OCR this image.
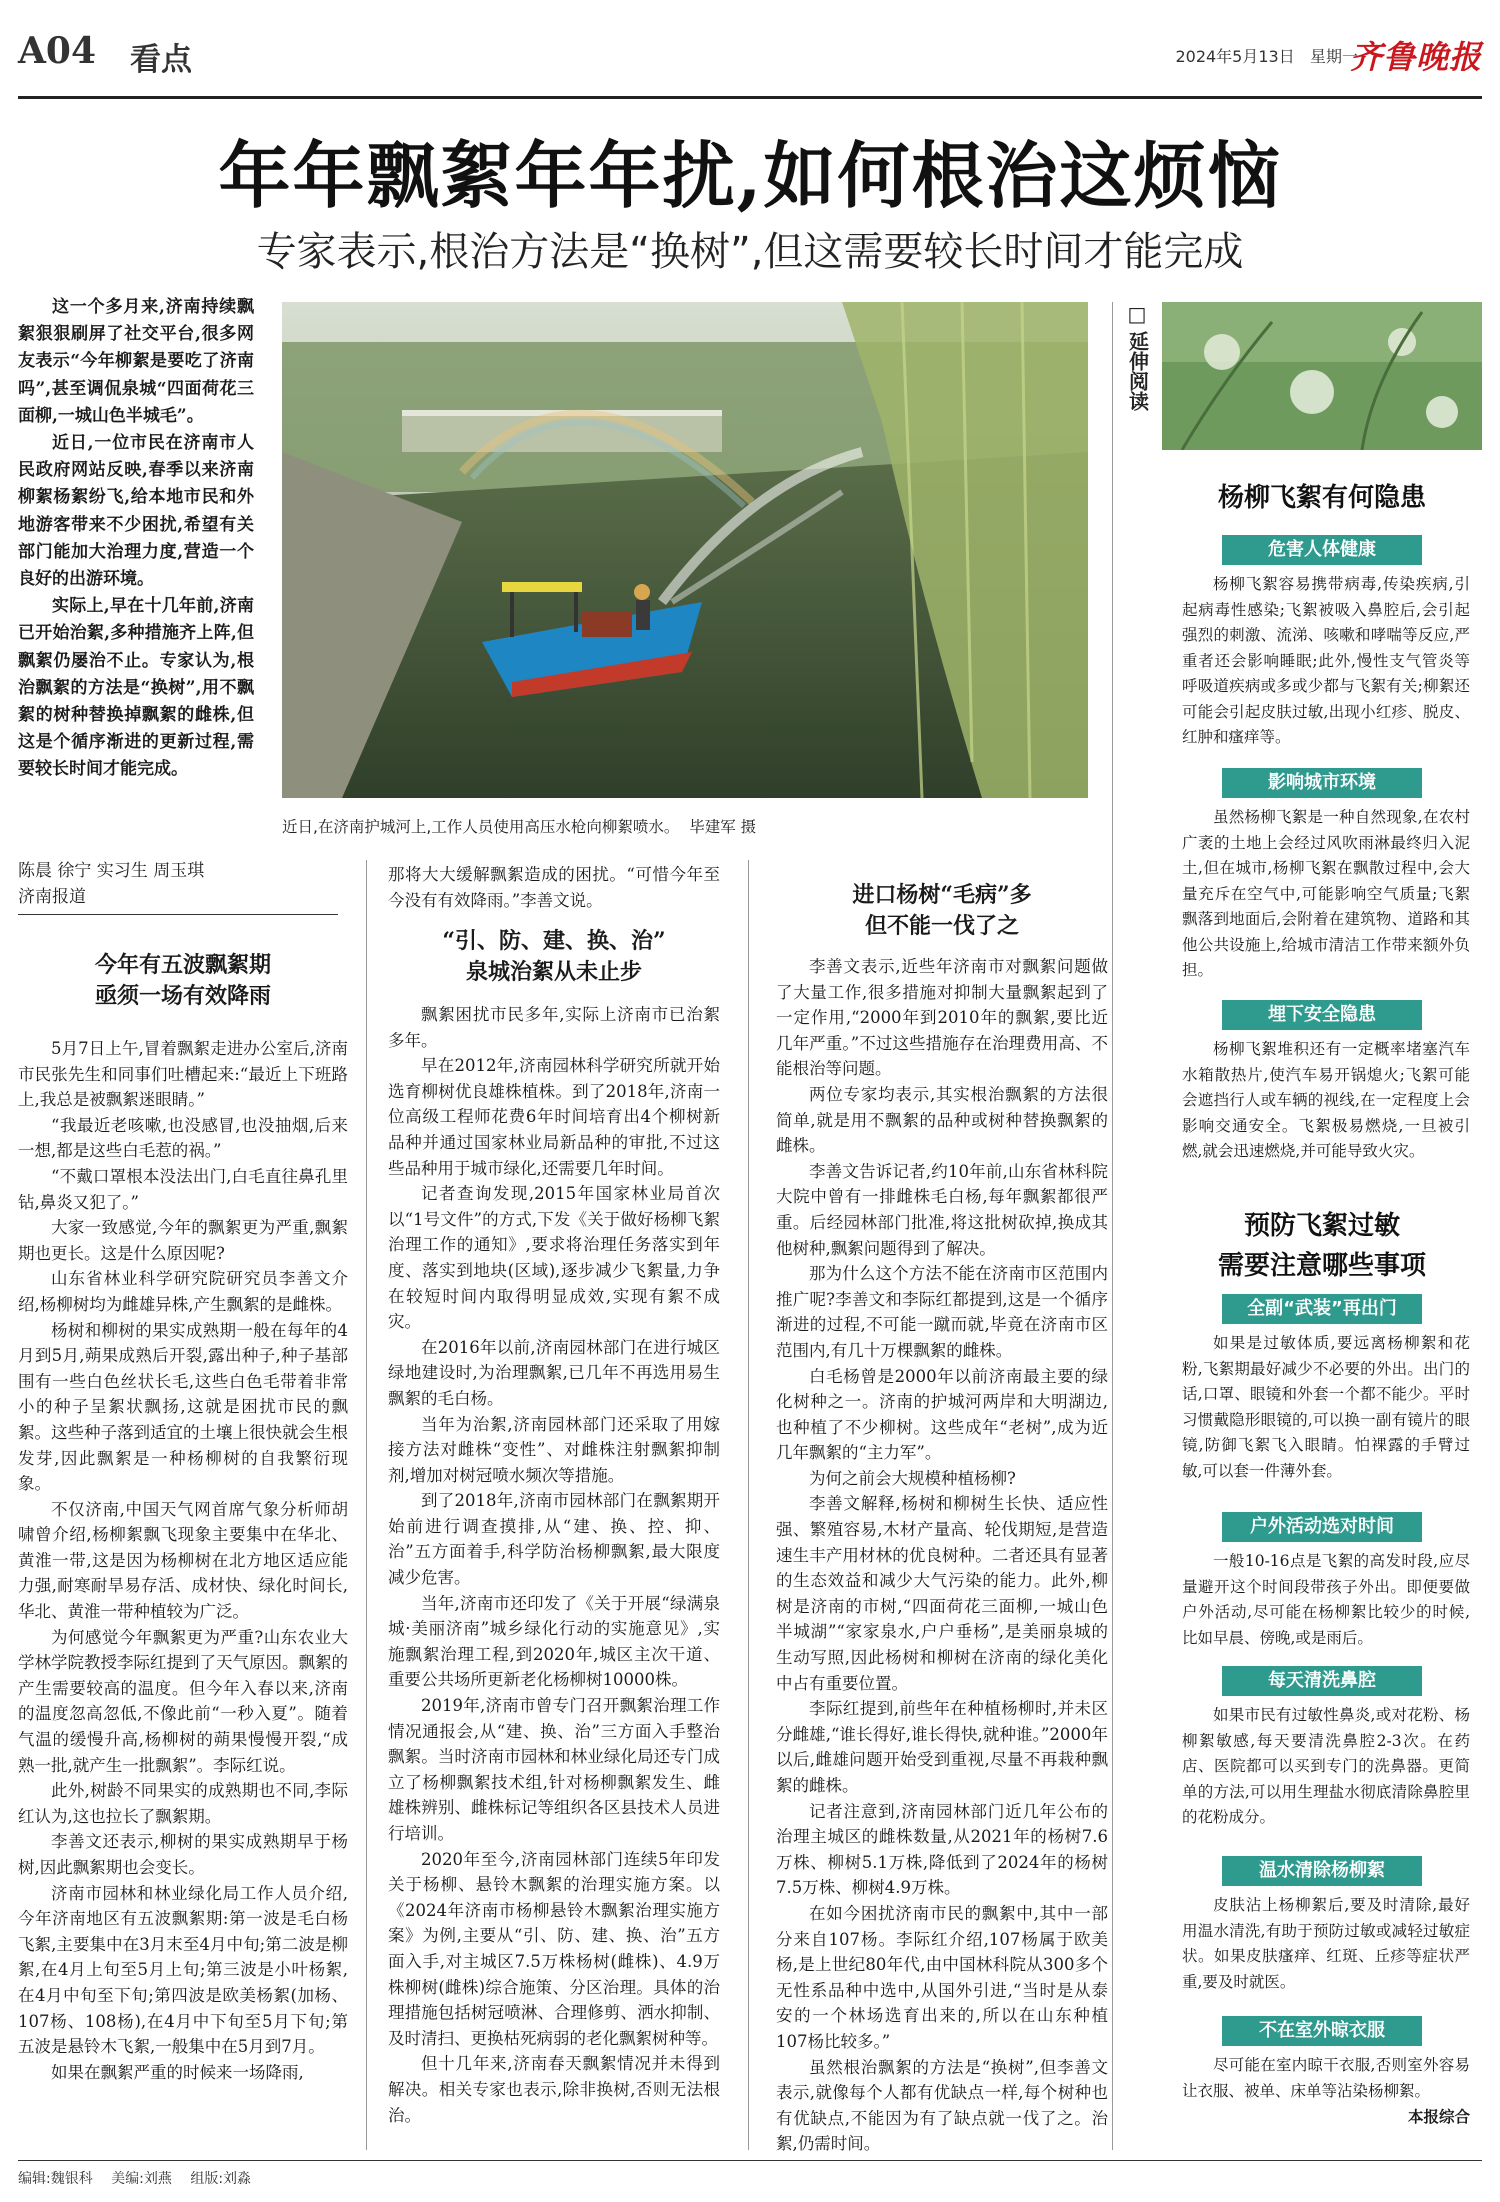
A04 看点	2024年5月13日 星期一
齐鲁晚报
年年飘絮年年扰,如何根治这烦恼
专家表示,根治方法是“换树”,但这需要较长时间才能完成

这一个多月来,济南持续飘絮狠狠刷屏了社交平台,很多网友表示“今年柳絮是要吃了济南吗”,甚至调侃泉城“四面荷花三面柳,一城山色半城毛”。

近日,一位市民在济南市人民政府网站反映,春季以来济南柳絮杨絮纷飞,给本地市民和外地游客带来不少困扰,希望有关部门能加大治理力度,营造一个良好的出游环境。

实际上,早在十几年前,济南已开始治絮,多种措施齐上阵,但飘絮仍屡治不止。专家认为,根治飘絮的方法是“换树”,用不飘絮的树种替换掉飘絮的雌株,但这是个循序渐进的更新过程,需要较长时间才能完成。

近日,在济南护城河上,工作人员使用高压水枪向柳絮喷水。 毕建军 摄
陈晨 徐宁 实习生 周玉琪
济南报道
今年有五波飘絮期
亟须一场有效降雨

5月7日上午,冒着飘絮走进办公室后,济南市民张先生和同事们吐槽起来:“最近上下班路上,我总是被飘絮迷眼睛。”

“我最近老咳嗽,也没感冒,也没抽烟,后来一想,都是这些白毛惹的祸。”

“不戴口罩根本没法出门,白毛直往鼻孔里钻,鼻炎又犯了。”

大家一致感觉,今年的飘絮更为严重,飘絮期也更长。这是什么原因呢?

山东省林业科学研究院研究员李善文介绍,杨柳树均为雌雄异株,产生飘絮的是雌株。

杨树和柳树的果实成熟期一般在每年的4月到5月,蒴果成熟后开裂,露出种子,种子基部围有一些白色丝状长毛,这些白色毛带着非常小的种子呈絮状飘扬,这就是困扰市民的飘絮。这些种子落到适宜的土壤上很快就会生根发芽,因此飘絮是一种杨柳树的自我繁衍现象。

不仅济南,中国天气网首席气象分析师胡啸曾介绍,杨柳絮飘飞现象主要集中在华北、黄淮一带,这是因为杨柳树在北方地区适应能力强,耐寒耐旱易存活、成材快、绿化时间长,华北、黄淮一带种植较为广泛。

为何感觉今年飘絮更为严重?山东农业大学林学院教授李际红提到了天气原因。飘絮的产生需要较高的温度。但今年入春以来,济南的温度忽高忽低,不像此前“一秒入夏”。随着气温的缓慢升高,杨柳树的蒴果慢慢开裂,“成熟一批,就产生一批飘絮”。李际红说。

此外,树龄不同果实的成熟期也不同,李际红认为,这也拉长了飘絮期。

李善文还表示,柳树的果实成熟期早于杨树,因此飘絮期也会变长。

济南市园林和林业绿化局工作人员介绍,今年济南地区有五波飘絮期:第一波是毛白杨飞絮,主要集中在3月末至4月中旬;第二波是柳絮,在4月上旬至5月上旬;第三波是小叶杨絮,在4月中旬至下旬;第四波是欧美杨絮(加杨、107杨、108杨),在4月中下旬至5月下旬;第五波是悬铃木飞絮,一般集中在5月到7月。

如果在飘絮严重的时候来一场降雨,

那将大大缓解飘絮造成的困扰。“可惜今年至今没有有效降雨。”李善文说。

“引、防、建、换、治”
泉城治絮从未止步

飘絮困扰市民多年,实际上济南市已治絮多年。

早在2012年,济南园林科学研究所就开始选育柳树优良雄株植株。到了2018年,济南一位高级工程师花费6年时间培育出4个柳树新品种并通过国家林业局新品种的审批,不过这些品种用于城市绿化,还需要几年时间。

记者查询发现,2015年国家林业局首次以“1号文件”的方式,下发《关于做好杨柳飞絮治理工作的通知》,要求将治理任务落实到年度、落实到地块(区域),逐步减少飞絮量,力争在较短时间内取得明显成效,实现有絮不成灾。

在2016年以前,济南园林部门在进行城区绿地建设时,为治理飘絮,已几年不再选用易生飘絮的毛白杨。

当年为治絮,济南园林部门还采取了用嫁接方法对雌株“变性”、对雌株注射飘絮抑制剂,增加对树冠喷水频次等措施。

到了2018年,济南市园林部门在飘絮期开始前进行调查摸排,从“建、换、控、抑、治”五方面着手,科学防治杨柳飘絮,最大限度减少危害。

当年,济南市还印发了《关于开展“绿满泉城·美丽济南”城乡绿化行动的实施意见》,实施飘絮治理工程,到2020年,城区主次干道、重要公共场所更新老化杨柳树10000株。

2019年,济南市曾专门召开飘絮治理工作情况通报会,从“建、换、治”三方面入手整治飘絮。当时济南市园林和林业绿化局还专门成立了杨柳飘絮技术组,针对杨柳飘絮发生、雌雄株辨别、雌株标记等组织各区县技术人员进行培训。

2020年至今,济南园林部门连续5年印发关于杨柳、悬铃木飘絮的治理实施方案。以《2024年济南市杨柳悬铃木飘絮治理实施方案》为例,主要从“引、防、建、换、治”五方面入手,对主城区7.5万株杨树(雌株)、4.9万株柳树(雌株)综合施策、分区治理。具体的治理措施包括树冠喷淋、合理修剪、洒水抑制、及时清扫、更换枯死病弱的老化飘絮树种等。

但十几年来,济南春天飘絮情况并未得到解决。相关专家也表示,除非换树,否则无法根治。

进口杨树“毛病”多
但不能一伐了之

李善文表示,近些年济南市对飘絮问题做了大量工作,很多措施对抑制大量飘絮起到了一定作用,“2000年到2010年的飘絮,要比近几年严重。”不过这些措施存在治理费用高、不能根治等问题。

两位专家均表示,其实根治飘絮的方法很简单,就是用不飘絮的品种或树种替换飘絮的雌株。

李善文告诉记者,约10年前,山东省林科院大院中曾有一排雌株毛白杨,每年飘絮都很严重。后经园林部门批准,将这批树砍掉,换成其他树种,飘絮问题得到了解决。

那为什么这个方法不能在济南市区范围内推广呢?李善文和李际红都提到,这是一个循序渐进的过程,不可能一蹴而就,毕竟在济南市区范围内,有几十万棵飘絮的雌株。

白毛杨曾是2000年以前济南最主要的绿化树种之一。济南的护城河两岸和大明湖边,也种植了不少柳树。这些成年“老树”,成为近几年飘絮的“主力军”。

为何之前会大规模种植杨柳?

李善文解释,杨树和柳树生长快、适应性强、繁殖容易,木材产量高、轮伐期短,是营造速生丰产用材林的优良树种。二者还具有显著的生态效益和减少大气污染的能力。此外,柳树是济南的市树,“四面荷花三面柳,一城山色半城湖”“家家泉水,户户垂杨”,是美丽泉城的生动写照,因此杨树和柳树在济南的绿化美化中占有重要位置。

李际红提到,前些年在种植杨柳时,并未区分雌雄,“谁长得好,谁长得快,就种谁。”2000年以后,雌雄问题开始受到重视,尽量不再栽种飘絮的雌株。

记者注意到,济南园林部门近几年公布的治理主城区的雌株数量,从2021年的杨树7.6万株、柳树5.1万株,降低到了2024年的杨树7.5万株、柳树4.9万株。

在如今困扰济南市民的飘絮中,其中一部分来自107杨。李际红介绍,107杨属于欧美杨,是上世纪80年代,由中国林科院从300多个无性系品种中选中,从国外引进,“当时是从泰安的一个林场选育出来的,所以在山东种植107杨比较多。”

虽然根治飘絮的方法是“换树”,但李善文表示,就像每个人都有优缺点一样,每个树种也有优缺点,不能因为有了缺点就一伐了之。治絮,仍需时间。

□
延伸阅读
杨柳飞絮有何隐患
危害人体健康

杨柳飞絮容易携带病毒,传染疾病,引起病毒性感染;飞絮被吸入鼻腔后,会引起强烈的刺激、流涕、咳嗽和哮喘等反应,严重者还会影响睡眠;此外,慢性支气管炎等呼吸道疾病或多或少都与飞絮有关;柳絮还可能会引起皮肤过敏,出现小红疹、脱皮、红肿和瘙痒等。

影响城市环境

虽然杨柳飞絮是一种自然现象,在农村广袤的土地上会经过风吹雨淋最终归入泥土,但在城市,杨柳飞絮在飘散过程中,会大量充斥在空气中,可能影响空气质量;飞絮飘落到地面后,会附着在建筑物、道路和其他公共设施上,给城市清洁工作带来额外负担。

埋下安全隐患

杨柳飞絮堆积还有一定概率堵塞汽车水箱散热片,使汽车易开锅熄火;飞絮可能会遮挡行人或车辆的视线,在一定程度上会影响交通安全。飞絮极易燃烧,一旦被引燃,就会迅速燃烧,并可能导致火灾。

预防飞絮过敏
需要注意哪些事项
全副“武装”再出门

如果是过敏体质,要远离杨柳絮和花粉,飞絮期最好减少不必要的外出。出门的话,口罩、眼镜和外套一个都不能少。平时习惯戴隐形眼镜的,可以换一副有镜片的眼镜,防御飞絮飞入眼睛。怕裸露的手臂过敏,可以套一件薄外套。

户外活动选对时间

一般10-16点是飞絮的高发时段,应尽量避开这个时间段带孩子外出。即便要做户外活动,尽可能在杨柳絮比较少的时候,比如早晨、傍晚,或是雨后。

每天清洗鼻腔

如果市民有过敏性鼻炎,或对花粉、杨柳絮敏感,每天要清洗鼻腔2-3次。在药店、医院都可以买到专门的洗鼻器。更简单的方法,可以用生理盐水彻底清除鼻腔里的花粉成分。

温水清除杨柳絮

皮肤沾上杨柳絮后,要及时清除,最好用温水清洗,有助于预防过敏或减轻过敏症状。如果皮肤瘙痒、红斑、丘疹等症状严重,要及时就医。

不在室外晾衣服

尽可能在室内晾干衣服,否则室外容易让衣服、被单、床单等沾染杨柳絮。

本报综合
编辑:魏银科 美编:刘燕 组版:刘淼
